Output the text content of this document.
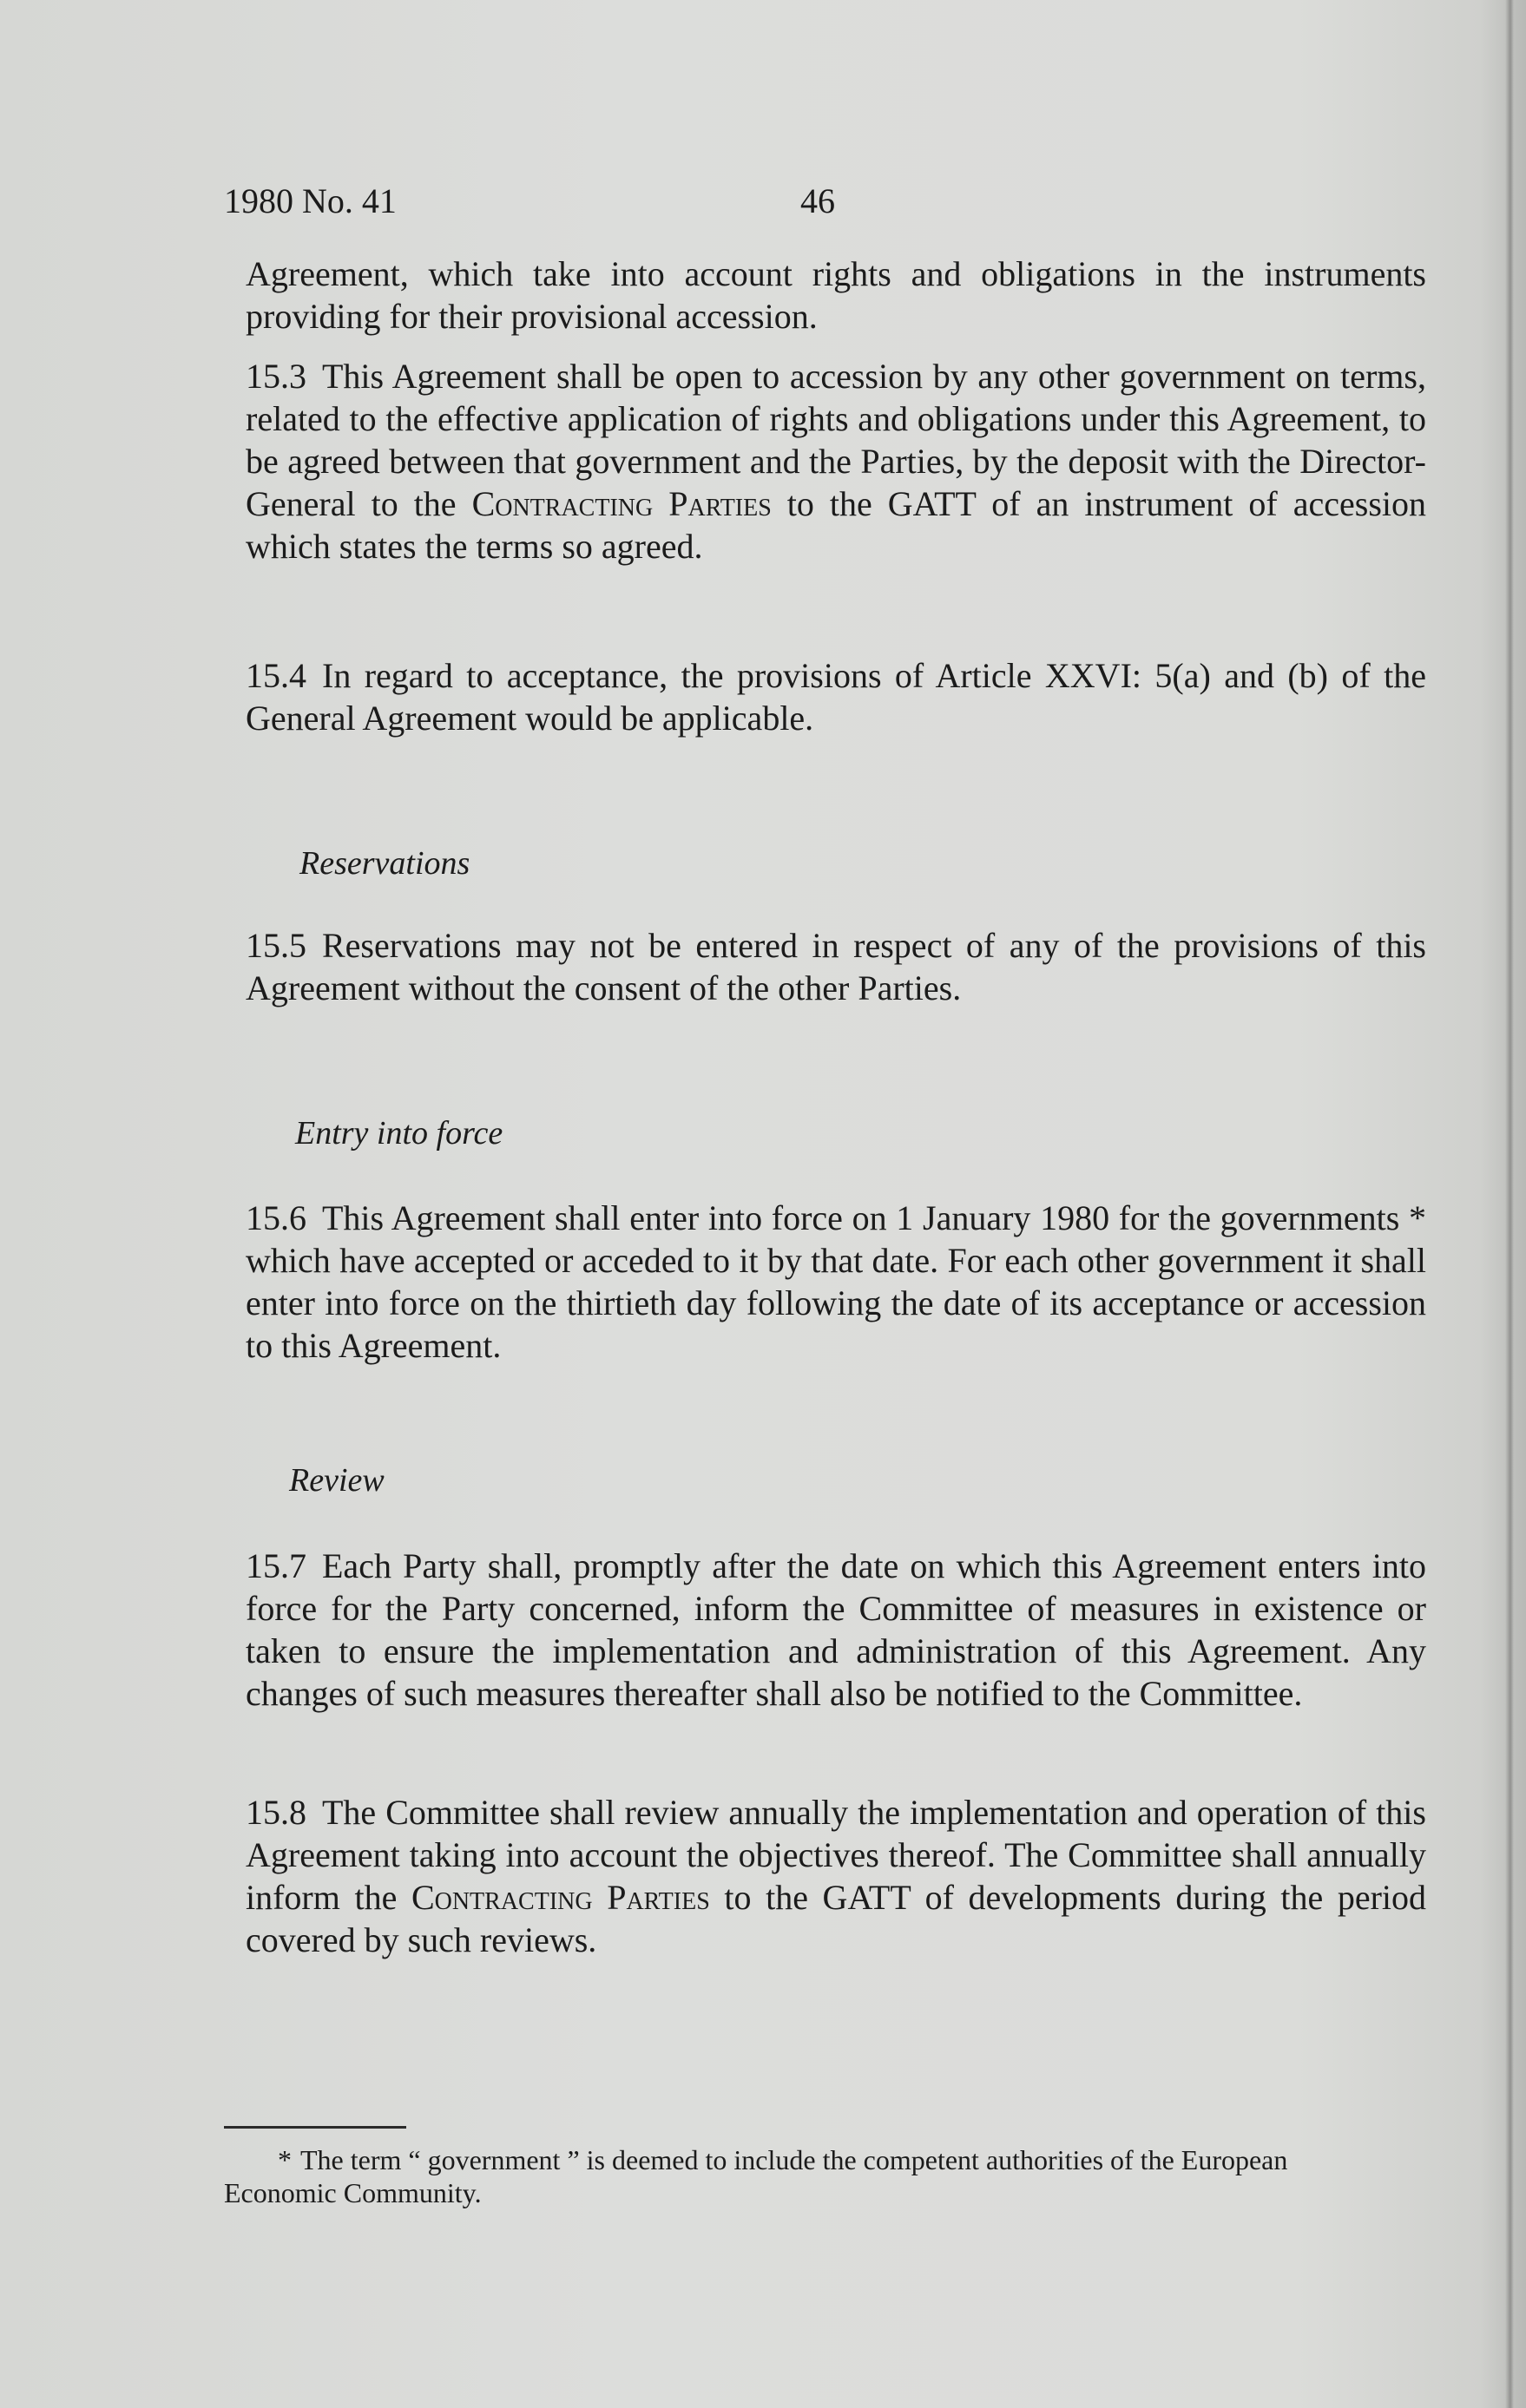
1980 No. 41	46

Agreement, which take into account rights and obligations in the instruments providing for their provisional accession.

15.3 This Agreement shall be open to accession by any other government on terms, related to the effective application of rights and obligations under this Agreement, to be agreed between that government and the Parties, by the deposit with the Director-General to the Contracting Parties to the GATT of an instrument of accession which states the terms so agreed.

15.4 In regard to acceptance, the provisions of Article XXVI: 5(a) and (b) of the General Agreement would be applicable.

Reservations

15.5 Reservations may not be entered in respect of any of the provisions of this Agreement without the consent of the other Parties.

Entry into force

15.6 This Agreement shall enter into force on 1 January 1980 for the governments * which have accepted or acceded to it by that date. For each other government it shall enter into force on the thirtieth day following the date of its acceptance or accession to this Agreement.

Review

15.7 Each Party shall, promptly after the date on which this Agreement enters into force for the Party concerned, inform the Committee of measures in existence or taken to ensure the implementation and administration of this Agreement. Any changes of such measures thereafter shall also be notified to the Committee.

15.8 The Committee shall review annually the implementation and operation of this Agreement taking into account the objectives thereof. The Committee shall annually inform the Contracting Parties to the GATT of developments during the period covered by such reviews.

* The term “ government ” is deemed to include the competent authorities of the European Economic Community.
